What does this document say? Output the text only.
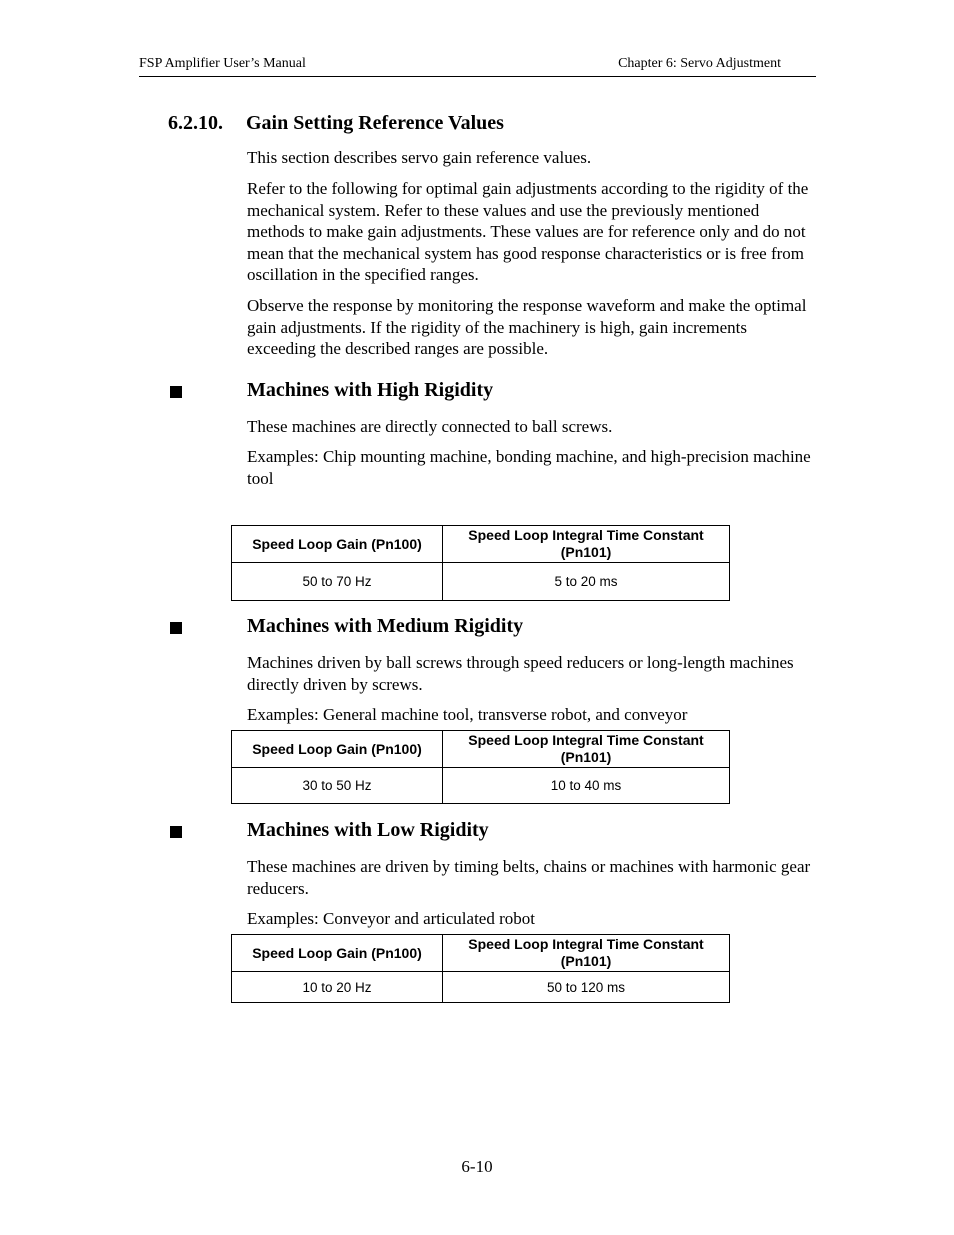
FSP Amplifier User’s Manual	Chapter 6: Servo Adjustment
6.2.10. Gain Setting Reference Values

This section describes servo gain reference values.

Refer to the following for optimal gain adjustments according to the rigidity of the mechanical system. Refer to these values and use the previously mentioned methods to make gain adjustments. These values are for reference only and do not mean that the mechanical system has good response characteristics or is free from oscillation in the specified ranges.

Observe the response by monitoring the response waveform and make the optimal gain adjustments. If the rigidity of the machinery is high, gain increments exceeding the described ranges are possible.

Machines with High Rigidity

These machines are directly connected to ball screws.

Examples: Chip mounting machine, bonding machine, and high-precision machine tool

Speed Loop Gain (Pn100)	Speed Loop Integral Time Constant (Pn101)
50 to 70 Hz	5 to 20 ms
Machines with Medium Rigidity

Machines driven by ball screws through speed reducers or long-length machines directly driven by screws.

Examples: General machine tool, transverse robot, and conveyor

Speed Loop Gain (Pn100)	Speed Loop Integral Time Constant (Pn101)
30 to 50 Hz	10 to 40 ms
Machines with Low Rigidity

These machines are driven by timing belts, chains or machines with harmonic gear reducers.

Examples: Conveyor and articulated robot

Speed Loop Gain (Pn100)	Speed Loop Integral Time Constant (Pn101)
10 to 20 Hz	50 to 120 ms
6-10
